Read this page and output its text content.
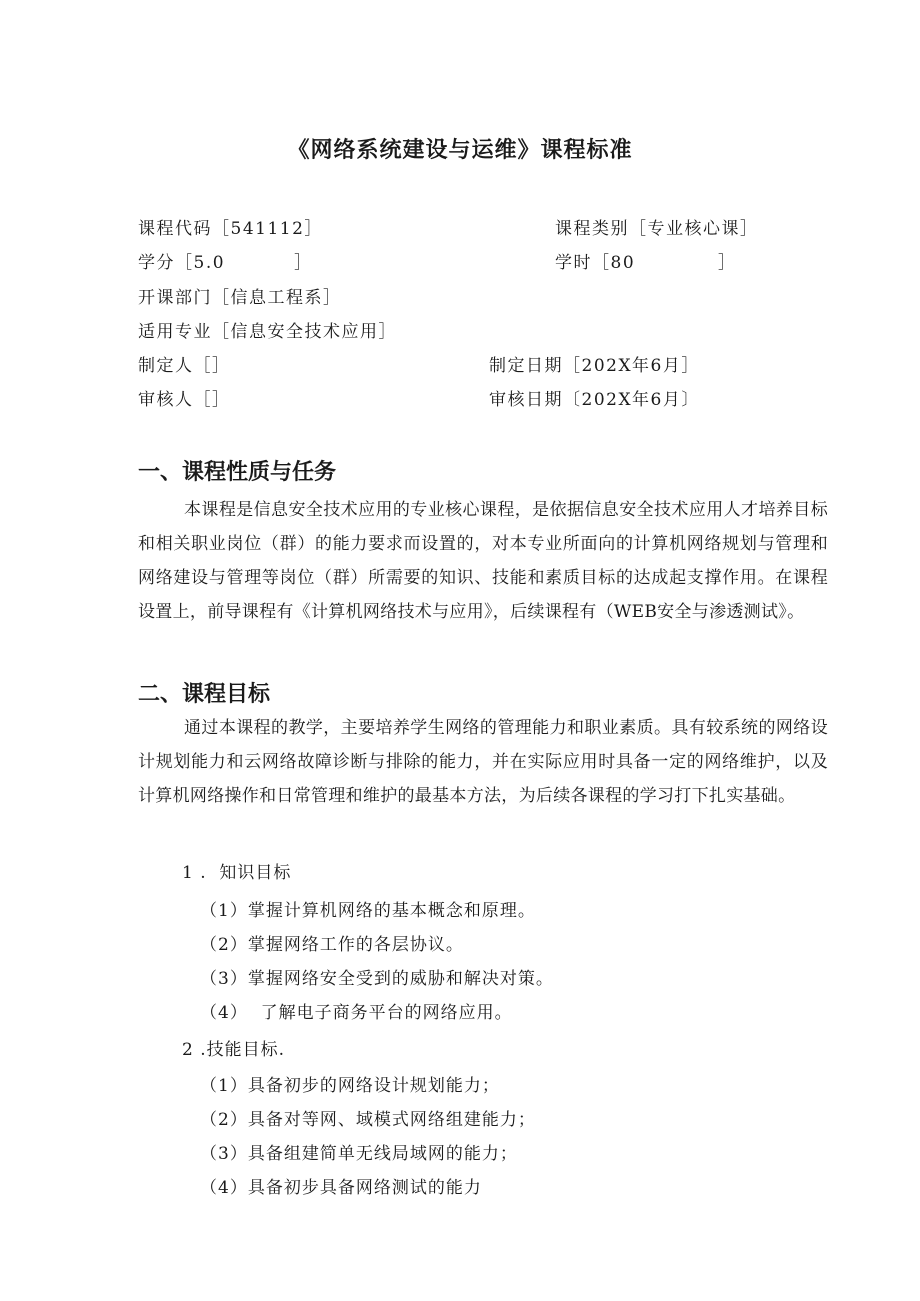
《网络系统建设与运维》课程标准
课程代码［541112］	课程类别［专业核心课］
学分［5.0          ］	学时［80            ］
开课部门［信息工程系］
适用专业［信息安全技术应用］
制定人［］	制定日期［202X年6月］
审核人［］	审核日期〔202X年6月〕
一、课程性质与任务
本课程是信息安全技术应用的专业核心课程，是依据信息安全技术应用人才培养目标和相关职业岗位（群）的能力要求而设置的，对本专业所面向的计算机网络规划与管理和网络建设与管理等岗位（群）所需要的知识、技能和素质目标的达成起支撑作用。在课程设置上，前导课程有《计算机网络技术与应用》，后续课程有（WEB安全与渗透测试》。
二、课程目标
通过本课程的教学，主要培养学生网络的管理能力和职业素质。具有较系统的网络设计规划能力和云网络故障诊断与排除的能力，并在实际应用时具备一定的网络维护，以及计算机网络操作和日常管理和维护的最基本方法，为后续各课程的学习打下扎实基础。
1 .  知识目标
（1）掌握计算机网络的基本概念和原理。
（2）掌握网络工作的各层协议。
（3）掌握网络安全受到的威胁和解决对策。
（4）  了解电子商务平台的网络应用。
2 .技能目标.
（1）具备初步的网络设计规划能力；
（2）具备对等网、域模式网络组建能力；
（3）具备组建简单无线局域网的能力；
（4）具备初步具备网络测试的能力
